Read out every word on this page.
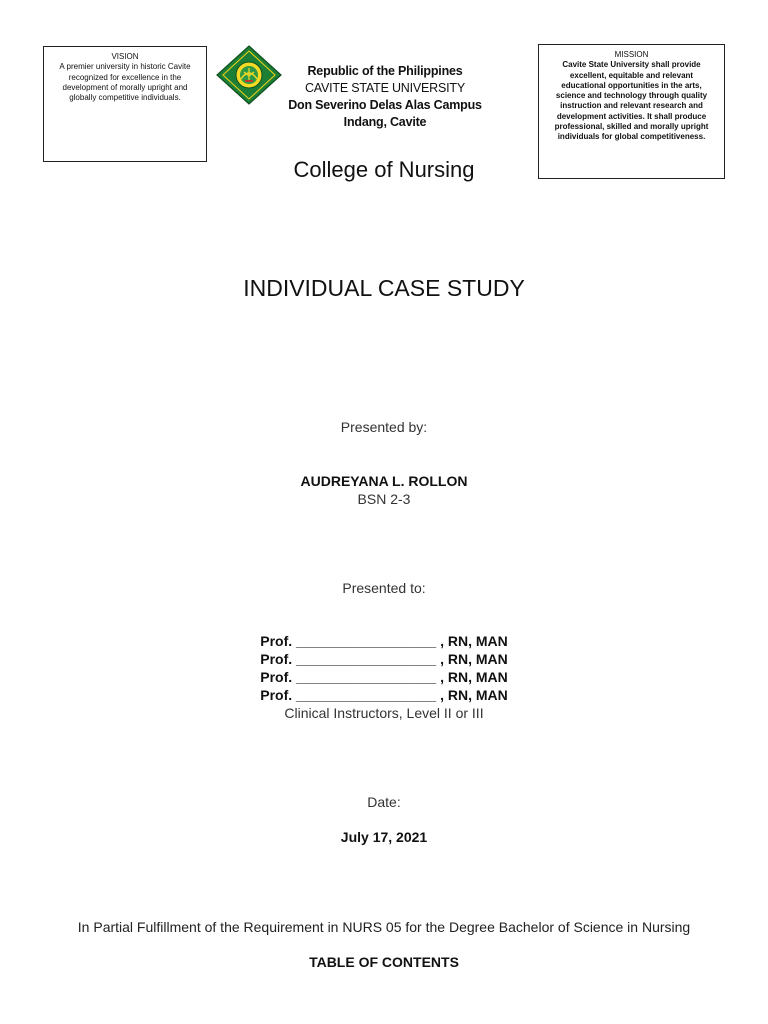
VISION
A premier university in historic Cavite recognized for excellence in the development of morally upright and globally competitive individuals.
Republic of the Philippines
CAVITE STATE UNIVERSITY
Don Severino Delas Alas Campus
Indang, Cavite
MISSION
Cavite State University shall provide excellent, equitable and relevant educational opportunities in the arts, science and technology through quality instruction and relevant research and development activities. It shall produce professional, skilled and morally upright individuals for global competitiveness.
College of Nursing
INDIVIDUAL CASE STUDY
Presented by:
AUDREYANA L. ROLLON
BSN 2-3
Presented to:
Prof. __________________ , RN, MAN
Prof. __________________ , RN, MAN
Prof. __________________ , RN, MAN
Prof. __________________ , RN, MAN
Clinical Instructors, Level II or III
Date:
July 17, 2021
In Partial Fulfillment of the Requirement in NURS 05 for the Degree Bachelor of Science in Nursing
TABLE OF CONTENTS
